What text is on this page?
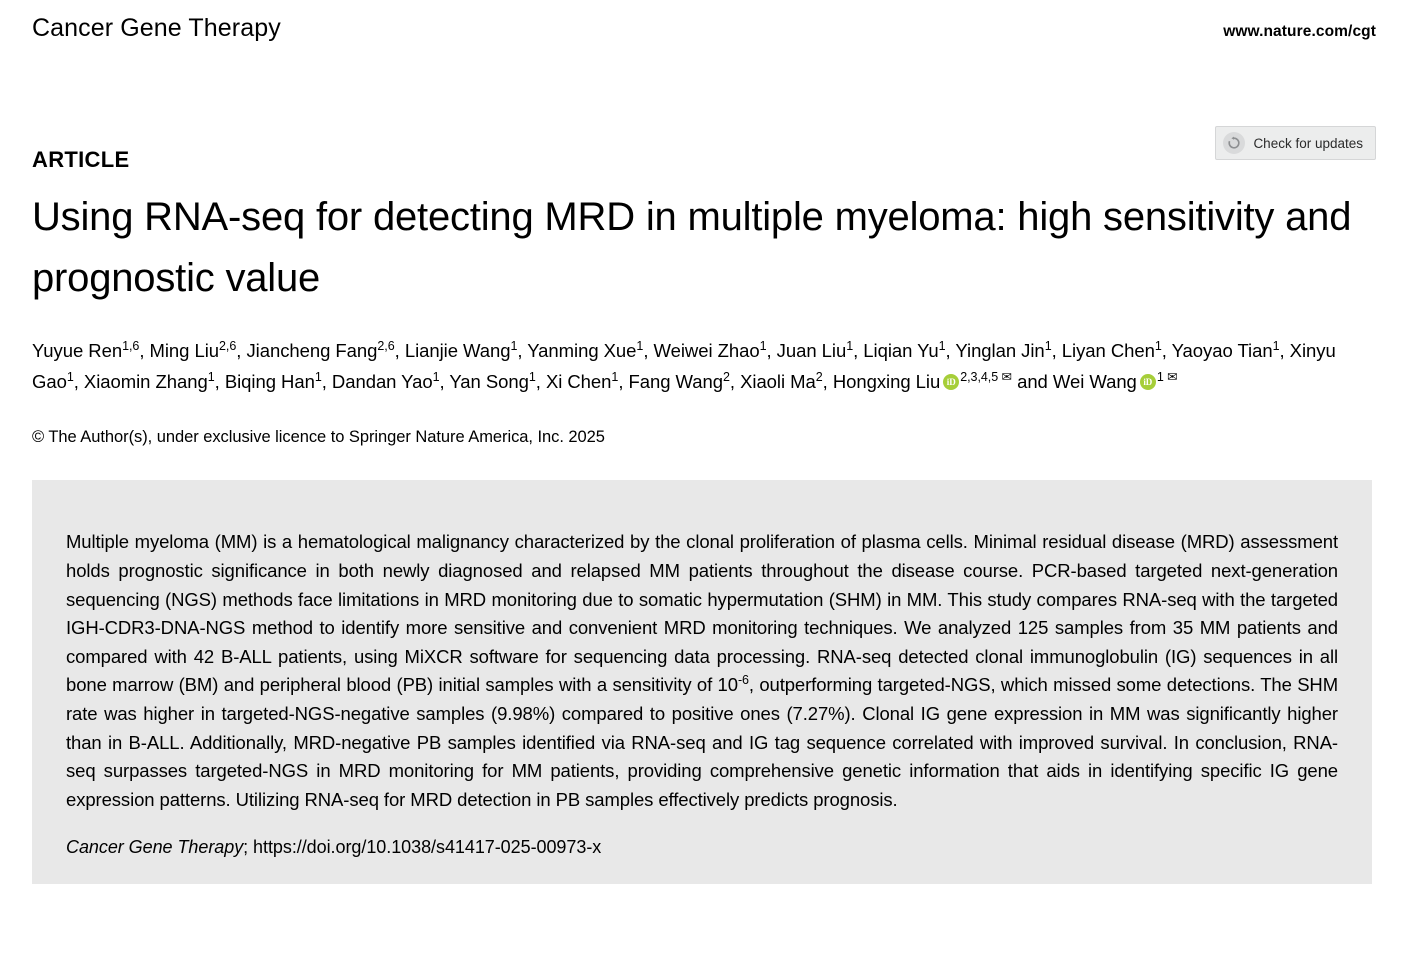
Cancer Gene Therapy	www.nature.com/cgt
ARTICLE
Check for updates
Using RNA-seq for detecting MRD in multiple myeloma: high sensitivity and prognostic value
Yuyue Ren$^{1,6}$, Ming Liu$^{2,6}$, Jiancheng Fang$^{2,6}$, Lianjie Wang$^1$, Yanming Xue$^1$, Weiwei Zhao$^1$, Juan Liu$^1$, Liqian Yu$^1$, Yinglan Jin$^1$, Liyan Chen$^1$, Yaoyao Tian$^1$, Xinyu Gao$^1$, Xiaomin Zhang$^1$, Biqing Han$^1$, Dandan Yao$^1$, Yan Song$^1$, Xi Chen$^1$, Fang Wang$^2$, Xiaoli Ma$^2$, Hongxing Liu iD $^{2,3,4,5}$ ✉ and Wei Wang iD $^1$ ✉
© The Author(s), under exclusive licence to Springer Nature America, Inc. 2025

Multiple myeloma (MM) is a hematological malignancy characterized by the clonal proliferation of plasma cells. Minimal residual disease (MRD) assessment holds prognostic significance in both newly diagnosed and relapsed MM patients throughout the disease course. PCR-based targeted next-generation sequencing (NGS) methods face limitations in MRD monitoring due to somatic hypermutation (SHM) in MM. This study compares RNA-seq with the targeted IGH-CDR3-DNA-NGS method to identify more sensitive and convenient MRD monitoring techniques. We analyzed 125 samples from 35 MM patients and compared with 42 B-ALL patients, using MiXCR software for sequencing data processing. RNA-seq detected clonal immunoglobulin (IG) sequences in all bone marrow (BM) and peripheral blood (PB) initial samples with a sensitivity of $10^{-6}$, outperforming targeted-NGS, which missed some detections. The SHM rate was higher in targeted-NGS-negative samples (9.98%) compared to positive ones (7.27%). Clonal IG gene expression in MM was significantly higher than in B-ALL. Additionally, MRD-negative PB samples identified via RNA-seq and IG tag sequence correlated with improved survival. In conclusion, RNA-seq surpasses targeted-NGS in MRD monitoring for MM patients, providing comprehensive genetic information that aids in identifying specific IG gene expression patterns. Utilizing RNA-seq for MRD detection in PB samples effectively predicts prognosis.

Cancer Gene Therapy; https://doi.org/10.1038/s41417-025-00973-x
